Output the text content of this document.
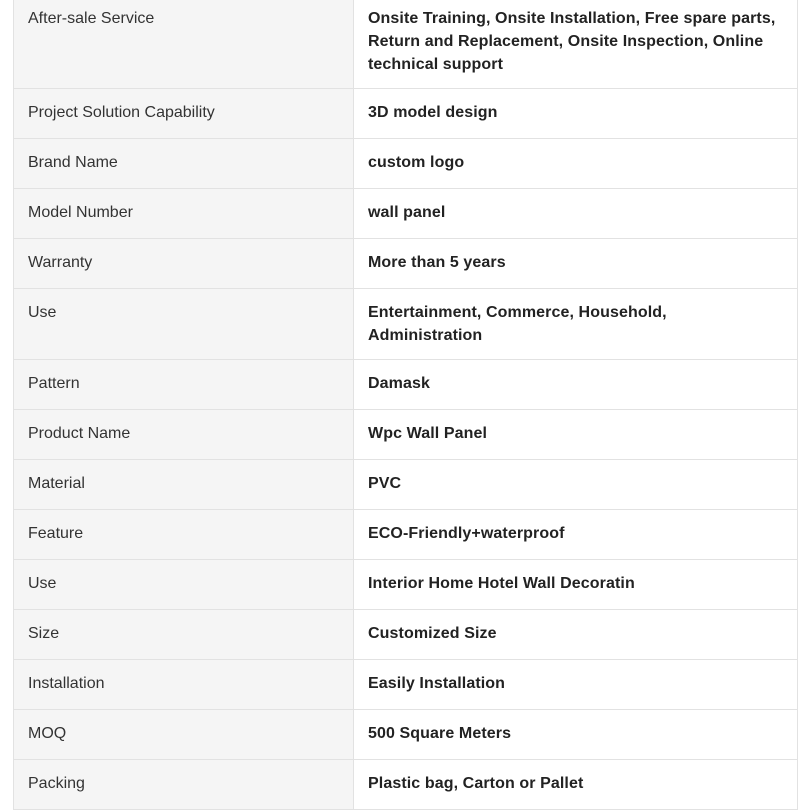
After-sale Service	Onsite Training, Onsite Installation, Free spare parts, Return and Replacement, Onsite Inspection, Online technical support
Project Solution Capability	3D model design
Brand Name	custom logo
Model Number	wall panel
Warranty	More than 5 years
Use	Entertainment, Commerce, Household, Administration
Pattern	Damask
Product Name	Wpc Wall Panel
Material	PVC
Feature	ECO-Friendly+waterproof
Use	Interior Home Hotel Wall Decoratin
Size	Customized Size
Installation	Easily Installation
MOQ	500 Square Meters
Packing	Plastic bag, Carton or Pallet
